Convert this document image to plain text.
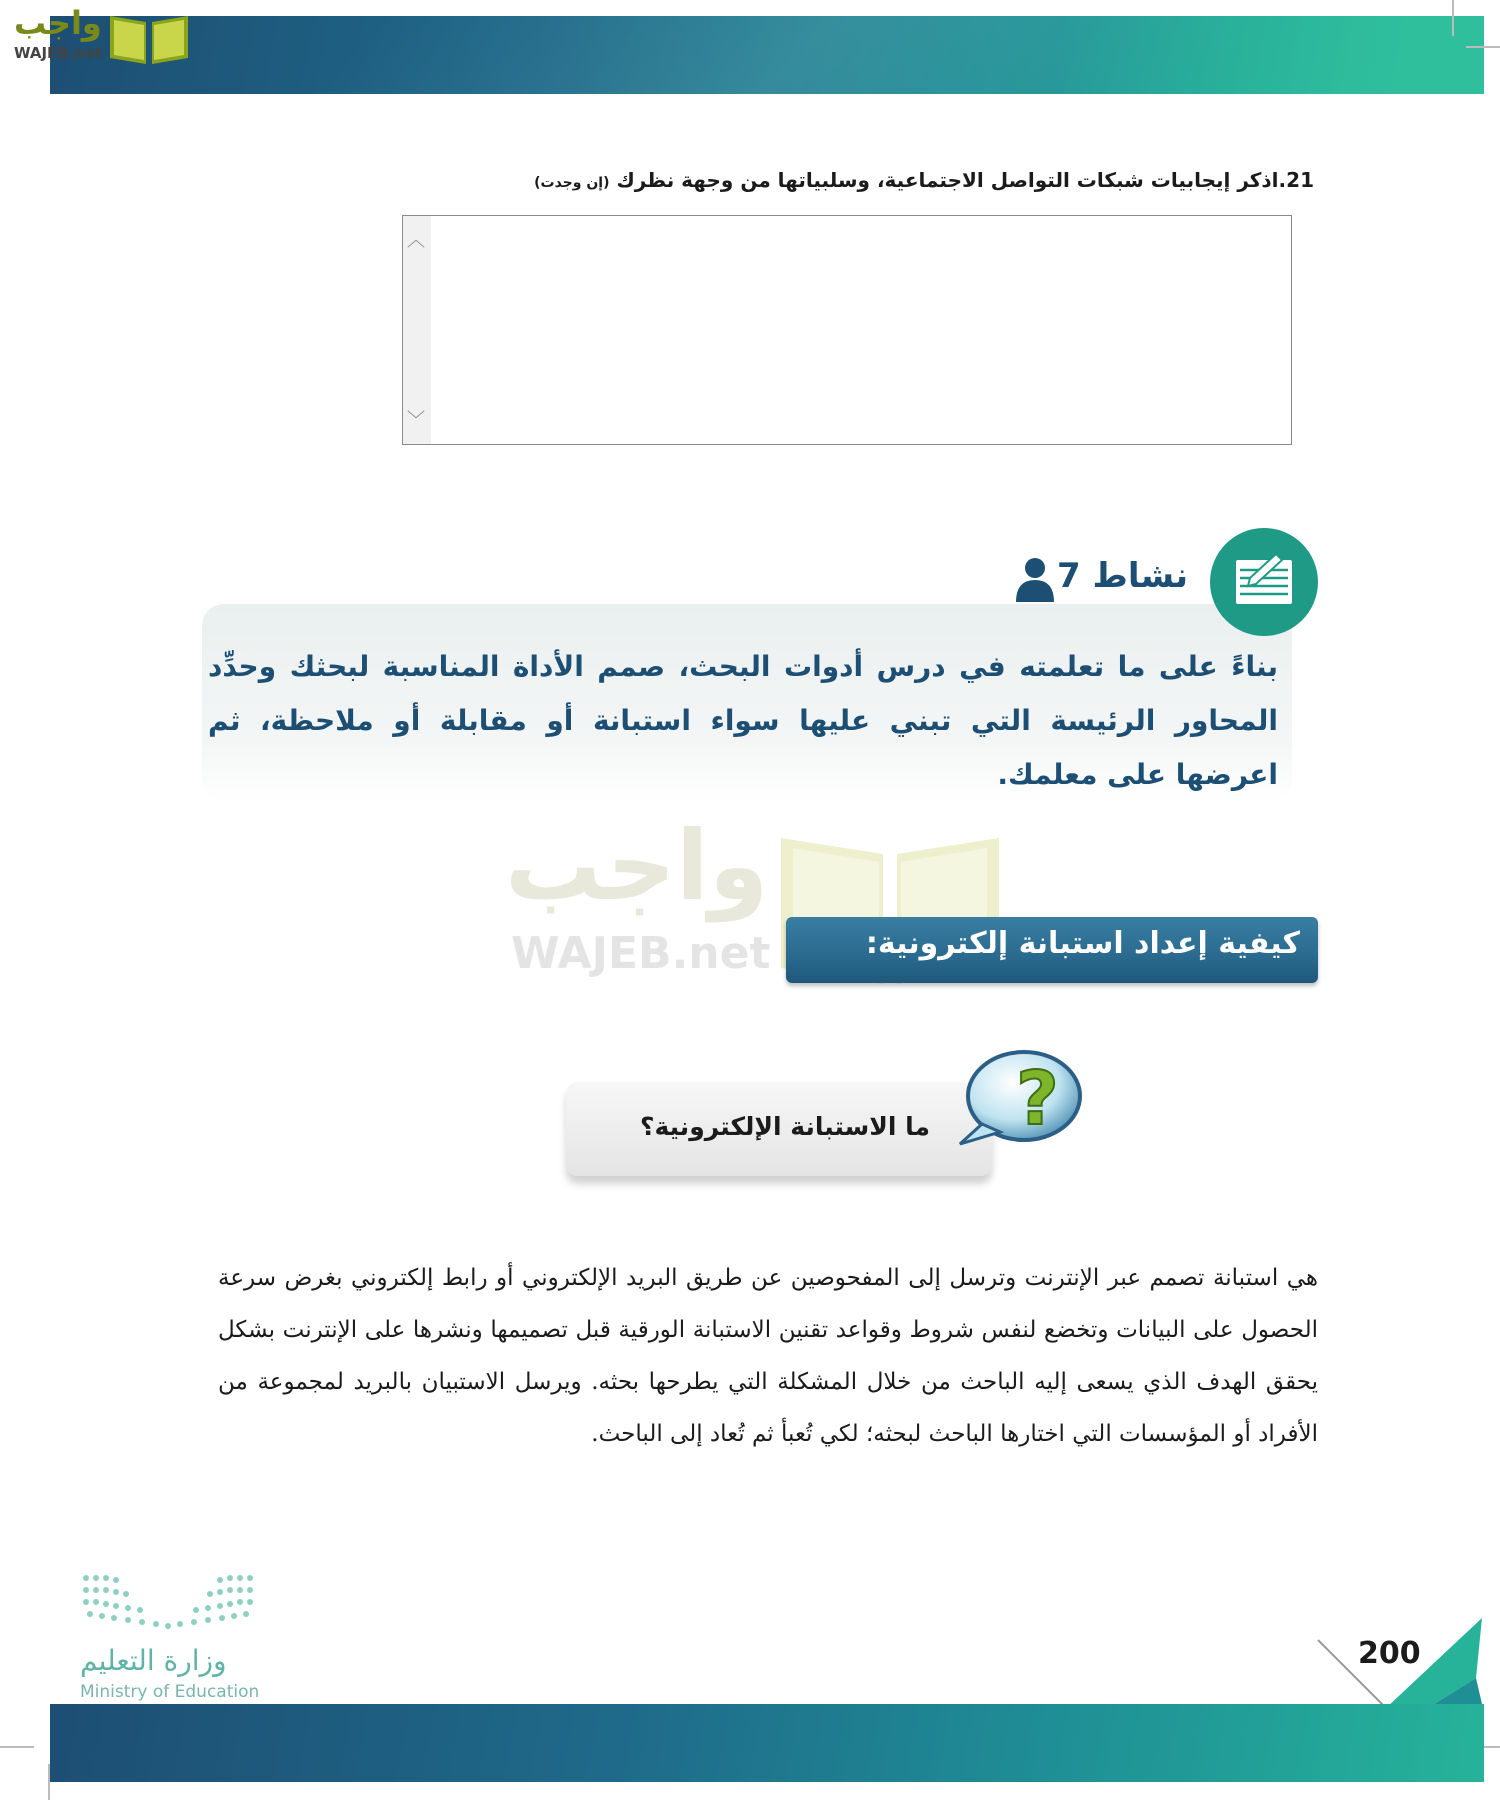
واجب
WAJEB.net
21.اذكر إيجابيات شبكات التواصل الاجتماعية، وسلبياتها من وجهة نظرك (إن وجدت)
︿
﹀
نشاط 7
بناءً على ما تعلمته في درس أدوات البحث، صمم الأداة المناسبة لبحثك وحدِّد المحاور الرئيسة التي تبني عليها سواء استبانة أو مقابلة أو ملاحظة، ثم اعرضها على معلمك.
واجب
WAJEB.net	كيفية إعداد استبانة إلكترونية:
?
ما الاستبانة الإلكترونية؟
هي استبانة تصمم عبر الإنترنت وترسل إلى المفحوصين عن طريق البريد الإلكتروني أو رابط إلكتروني بغرض سرعة الحصول على البيانات وتخضع لنفس شروط وقواعد تقنين الاستبانة الورقية قبل تصميمها ونشرها على الإنترنت بشكل يحقق الهدف الذي يسعى إليه الباحث من خلال المشكلة التي يطرحها بحثه. ويرسل الاستبيان بالبريد لمجموعة من الأفراد أو المؤسسات التي اختارها الباحث لبحثه؛ لكي تُعبأ ثم تُعاد إلى الباحث.
وزارة التعليم
Ministry of Education
200
